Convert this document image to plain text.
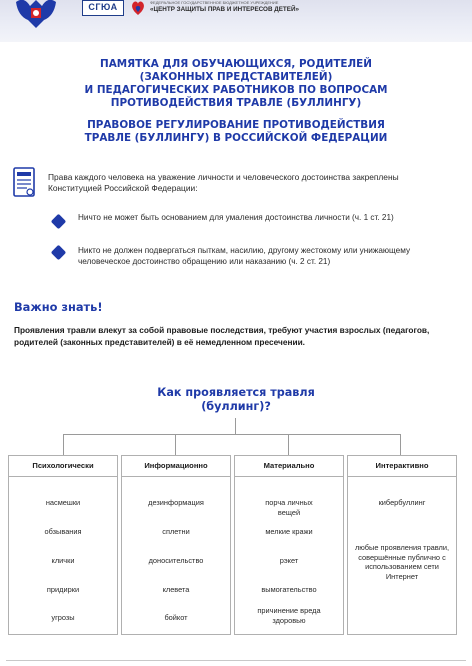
СГЮА	ФЕДЕРАЛЬНОЕ ГОСУДАРСТВЕННОЕ БЮДЖЕТНОЕ УЧРЕЖДЕНИЕ
«ЦЕНТР ЗАЩИТЫ ПРАВ И ИНТЕРЕСОВ ДЕТЕЙ»
ПАМЯТКА ДЛЯ ОБУЧАЮЩИХСЯ, РОДИТЕЛЕЙ
(ЗАКОННЫХ ПРЕДСТАВИТЕЛЕЙ)
И ПЕДАГОГИЧЕСКИХ РАБОТНИКОВ ПО ВОПРОСАМ
ПРОТИВОДЕЙСТВИЯ ТРАВЛЕ (БУЛЛИНГУ)
ПРАВОВОЕ РЕГУЛИРОВАНИЕ ПРОТИВОДЕЙСТВИЯ
ТРАВЛЕ (БУЛЛИНГУ) В РОССИЙСКОЙ ФЕДЕРАЦИИ
Права каждого человека на уважение личности и человеческого достоинства закреплены Конституцией Российской Федерации:
Ничто не может быть основанием для умаления достоинства личности (ч. 1 ст. 21)
Никто не должен подвергаться пыткам, насилию, другому жестокому или унижающему человеческое достоинство обращению или наказанию (ч. 2 ст. 21)
Важно знать!
Проявления травли влекут за собой правовые последствия, требуют участия взрослых (педагогов, родителей (законных представителей) в её немедленном пресечении.
Как проявляется травля
(буллинг)?
Психологически
насмешки
обзывания
клички
придирки
угрозы
Информационно
дезинформация
сплетни
доносительство
клевета
бойкот
Материально
порча личных вещей
мелкие кражи
рэкет
вымогательство
причинение вреда здоровью
Интерактивно
кибербуллинг
любые проявления травли, совершённые публично с использованием сети Интернет
